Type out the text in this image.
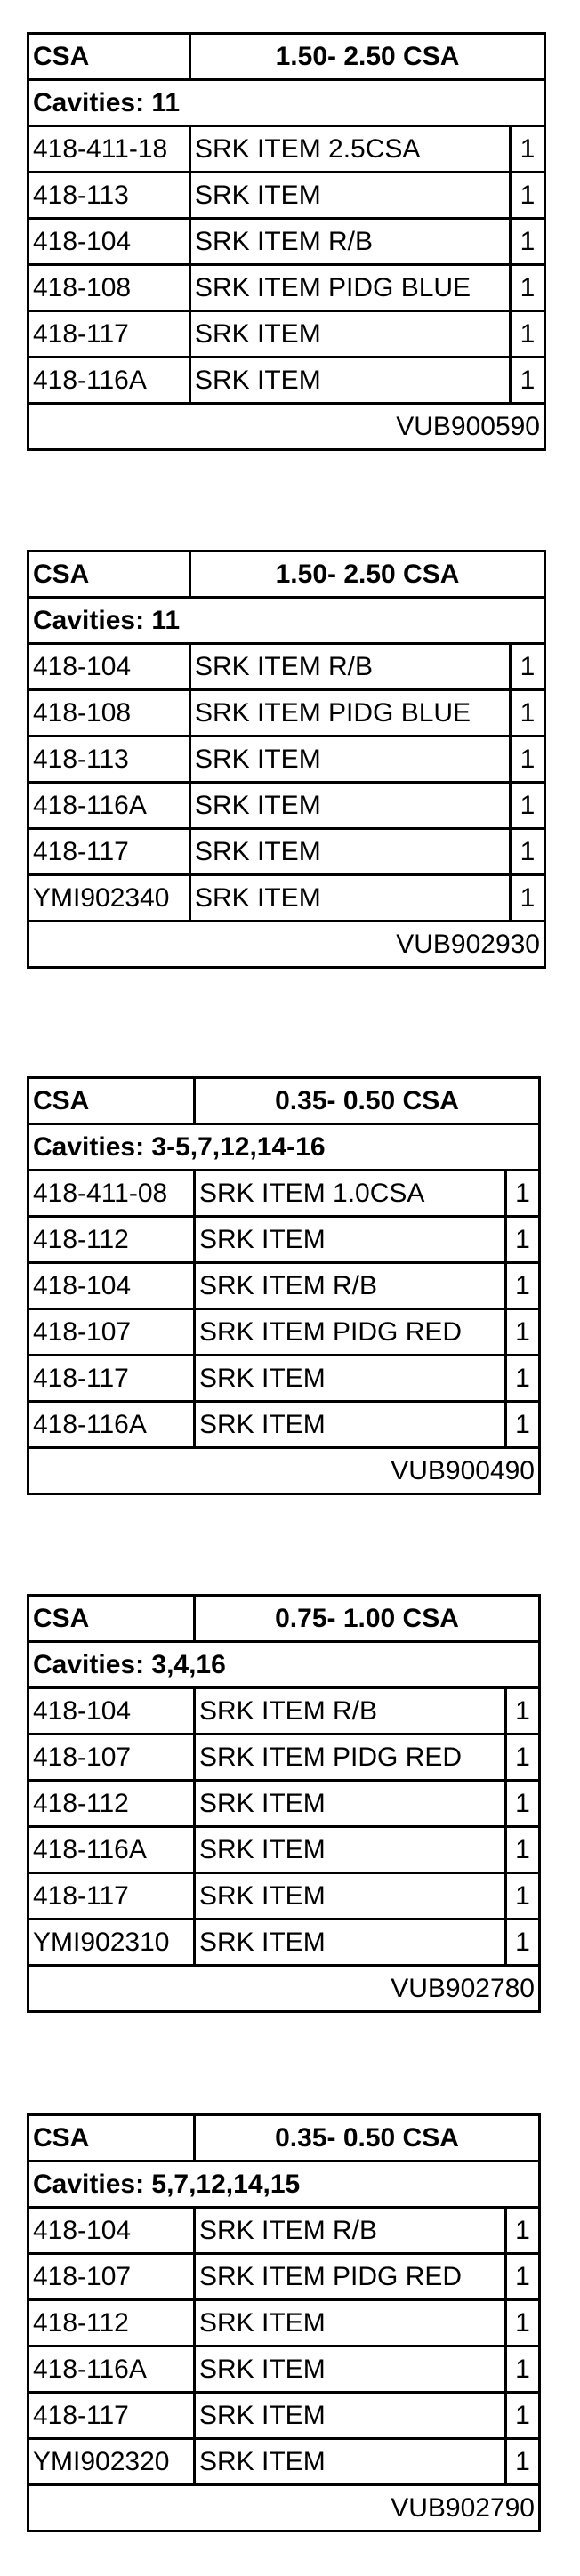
CSA	1.50- 2.50 CSA	
Cavities: 11		
418-411-18	SRK ITEM 2.5CSA	1
418-113	SRK ITEM	1
418-104	SRK ITEM R/B	1
418-108	SRK ITEM PIDG BLUE	1
418-117	SRK ITEM	1
418-116A	SRK ITEM	1
VUB900590		
CSA	1.50- 2.50 CSA	
Cavities: 11		
418-104	SRK ITEM R/B	1
418-108	SRK ITEM PIDG BLUE	1
418-113	SRK ITEM	1
418-116A	SRK ITEM	1
418-117	SRK ITEM	1
YMI902340	SRK ITEM	1
VUB902930		
CSA	0.35- 0.50 CSA	
Cavities: 3-5,7,12,14-16		
418-411-08	SRK ITEM 1.0CSA	1
418-112	SRK ITEM	1
418-104	SRK ITEM R/B	1
418-107	SRK ITEM PIDG RED	1
418-117	SRK ITEM	1
418-116A	SRK ITEM	1
VUB900490		
CSA	0.75- 1.00 CSA	
Cavities: 3,4,16		
418-104	SRK ITEM R/B	1
418-107	SRK ITEM PIDG RED	1
418-112	SRK ITEM	1
418-116A	SRK ITEM	1
418-117	SRK ITEM	1
YMI902310	SRK ITEM	1
VUB902780		
CSA	0.35- 0.50 CSA	
Cavities: 5,7,12,14,15		
418-104	SRK ITEM R/B	1
418-107	SRK ITEM PIDG RED	1
418-112	SRK ITEM	1
418-116A	SRK ITEM	1
418-117	SRK ITEM	1
YMI902320	SRK ITEM	1
VUB902790		
